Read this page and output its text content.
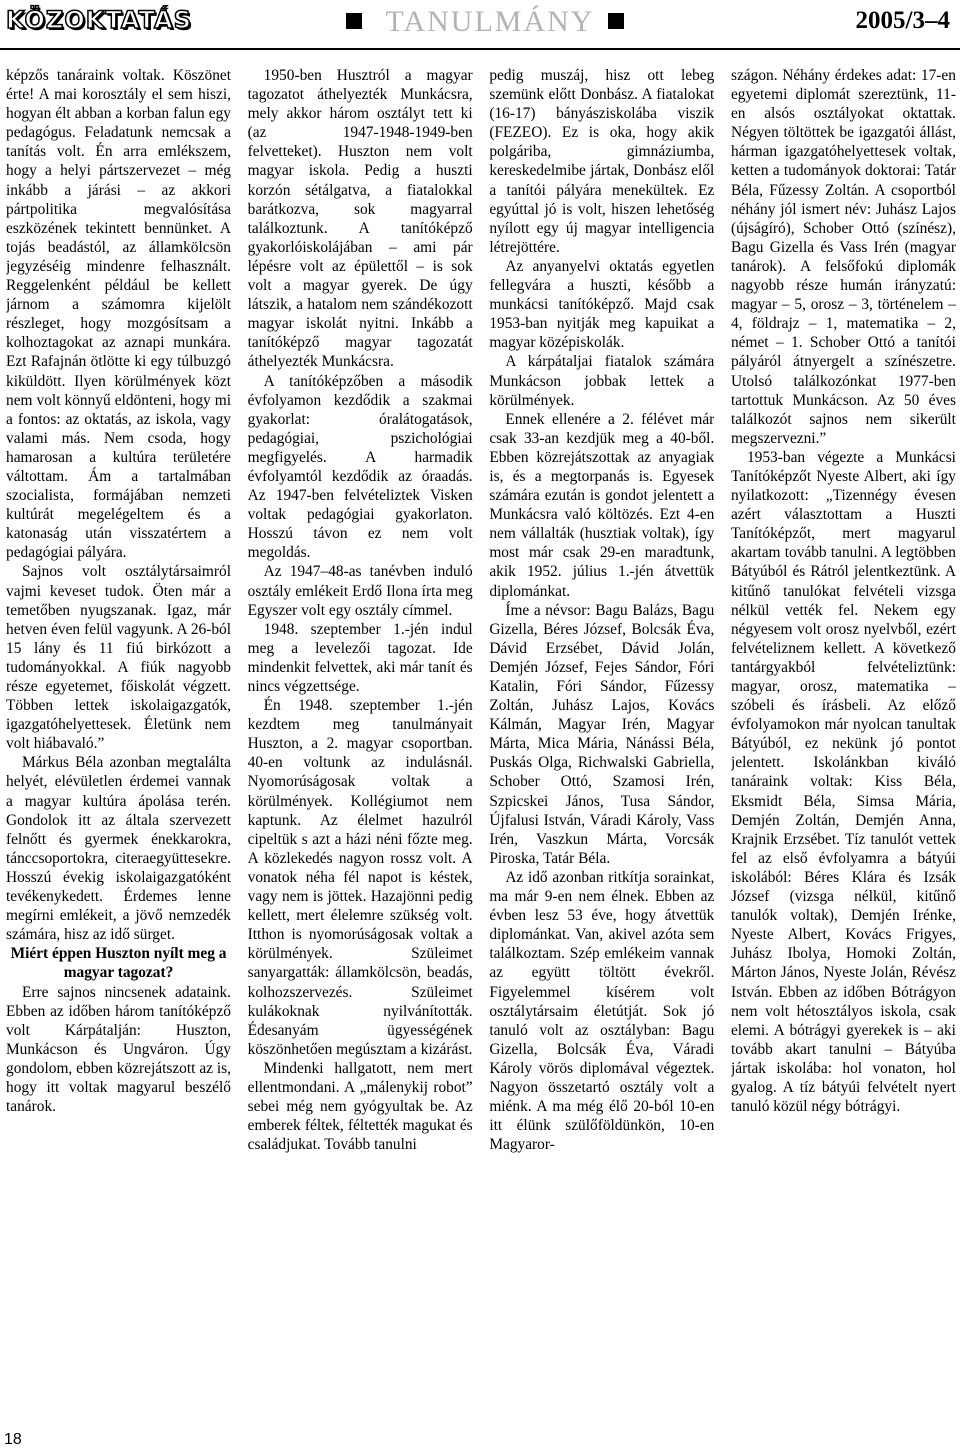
KÖZOKTATÁS	TANULMÁNY	2005/3–4

képzős tanáraink voltak. Köszönet érte! A mai korosztály el sem hiszi, hogyan élt abban a korban falun egy pedagógus. Feladatunk nemcsak a tanítás volt. Én arra emlékszem, hogy a helyi pártszervezet – még inkább a járási – az akkori pártpolitika megvalósítása eszközének tekintett bennünket. A tojás beadástól, az államkölcsön jegyzéséig mindenre felhasznált. Reggelenként például be kellett járnom a számomra kijelölt részleget, hogy mozgósítsam a kolhoztagokat az aznapi munkára. Ezt Rafajnán ötlötte ki egy túlbuzgó kiküldött. Ilyen körülmények közt nem volt könnyű eldönteni, hogy mi a fontos: az oktatás, az iskola, vagy valami más. Nem csoda, hogy hamarosan a kultúra területére váltottam. Ám a tartalmában szocialista, formájában nemzeti kultúrát megelégeltem és a katonaság után visszatértem a pedagógiai pályára.

Sajnos volt osztálytársaimról vajmi keveset tudok. Öten már a temetőben nyugszanak. Igaz, már hetven éven felül vagyunk. A 26-ból 15 lány és 11 fiú birkózott a tudományokkal. A fiúk nagyobb része egyetemet, főiskolát végzett. Többen lettek iskolaigazgatók, igazgatóhelyettesek. Életünk nem volt hiábavaló.”

Márkus Béla azonban megtalálta helyét, elévületlen érdemei vannak a magyar kultúra ápolása terén. Gondolok itt az általa szervezett felnőtt és gyermek énekkarokra, tánccsoportokra, citeraegyüttesekre. Hosszú évekig iskolaigazgatóként tevékenykedett. Érdemes lenne megírni emlékeit, a jövő nemzedék számára, hisz az idő sürget.

Miért éppen Huszton nyílt meg a magyar tagozat?

Erre sajnos nincsenek adataink. Ebben az időben három tanítóképző volt Kárpátalján: Huszton, Munkácson és Ungváron. Úgy gondolom, ebben közrejátszott az is, hogy itt voltak magyarul beszélő tanárok.

1950-ben Husztról a magyar tagozatot áthelyezték Munkácsra, mely akkor három osztályt tett ki (az 1947-1948-1949-ben felvetteket). Huszton nem volt magyar iskola. Pedig a huszti korzón sétálgatva, a fiatalokkal barátkozva, sok magyarral találkoztunk. A tanítóképző gyakorlóiskolájában – ami pár lépésre volt az épülettől – is sok volt a magyar gyerek. De úgy látszik, a hatalom nem szándékozott magyar iskolát nyitni. Inkább a tanítóképző magyar tagozatát áthelyezték Munkácsra.

A tanítóképzőben a második évfolyamon kezdődik a szakmai gyakorlat: óralátogatások, pedagógiai, pszichológiai megfigyelés. A harmadik évfolyamtól kezdődik az óraadás. Az 1947-ben felvételiztek Visken voltak pedagógiai gyakorlaton. Hosszú távon ez nem volt megoldás.

Az 1947–48-as tanévben induló osztály emlékeit Erdő Ilona írta meg Egyszer volt egy osztály címmel.

1948. szeptember 1.-jén indul meg a levelezői tagozat. Ide mindenkit felvettek, aki már tanít és nincs végzettsége.

Én 1948. szeptember 1.-jén kezdtem meg tanulmányait Huszton, a 2. magyar csoportban. 40-en voltunk az indulásnál. Nyomorúságosak voltak a körülmények. Kollégiumot nem kaptunk. Az élelmet hazulról cipeltük s azt a házi néni főzte meg. A közlekedés nagyon rossz volt. A vonatok néha fél napot is késtek, vagy nem is jöttek. Hazajönni pedig kellett, mert élelemre szükség volt. Itthon is nyomorúságosak voltak a körülmények. Szüleimet sanyargatták: államkölcsön, beadás, kolhozszervezés. Szüleimet kulákoknak nyilvánították. Édesanyám ügyességének köszönhetően megúsztam a kizárást.

Mindenki hallgatott, nem mert ellentmondani. A „málenykij robot” sebei még nem gyógyultak be. Az emberek féltek, féltették magukat és családjukat. Tovább tanulni

pedig muszáj, hisz ott lebeg szemünk előtt Donbász. A fiatalokat (16-17) bányásziskolába viszik (FEZEO). Ez is oka, hogy akik polgáriba, gimnáziumba, kereskedelmibe jártak, Donbász elől a tanítói pályára menekültek. Ez egyúttal jó is volt, hiszen lehetőség nyílott egy új magyar intelligencia létrejöttére.

Az anyanyelvi oktatás egyetlen fellegvára a huszti, később a munkácsi tanítóképző. Majd csak 1953-ban nyitják meg kapuikat a magyar középiskolák.

A kárpátaljai fiatalok számára Munkácson jobbak lettek a körülmények.

Ennek ellenére a 2. félévet már csak 33-an kezdjük meg a 40-ből. Ebben közrejátszottak az anyagiak is, és a megtorpanás is. Egyesek számára ezután is gondot jelentett a Munkácsra való költözés. Ezt 4-en nem vállalták (husztiak voltak), így most már csak 29-en maradtunk, akik 1952. július 1.-jén átvettük diplománkat.

Íme a névsor: Bagu Balázs, Bagu Gizella, Béres József, Bolcsák Éva, Dávid Erzsébet, Dávid Jolán, Demjén József, Fejes Sándor, Fóri Katalin, Fóri Sándor, Fűzessy Zoltán, Juhász Lajos, Kovács Kálmán, Magyar Irén, Magyar Márta, Mica Mária, Nánássi Béla, Puskás Olga, Richwalski Gabriella, Schober Ottó, Szamosi Irén, Szpicskei János, Tusa Sándor, Újfalusi István, Váradi Károly, Vass Irén, Vaszkun Márta, Vorcsák Piroska, Tatár Béla.

Az idő azonban ritkítja sorainkat, ma már 9-en nem élnek. Ebben az évben lesz 53 éve, hogy átvettük diplománkat. Van, akivel azóta sem találkoztam. Szép emlékeim vannak az együtt töltött évekről. Figyelemmel kísérem volt osztálytársaim életútját. Sok jó tanuló volt az osztályban: Bagu Gizella, Bolcsák Éva, Váradi Károly vörös diplomával végeztek. Nagyon összetartó osztály volt a miénk. A ma még élő 20-ból 10-en itt élünk szülőföldünkön, 10-en Magyaror-

szágon. Néhány érdekes adat: 17-en egyetemi diplomát szereztünk, 11-en alsós osztályokat oktattak. Négyen töltöttek be igazgatói állást, hárman igazgatóhelyettesek voltak, ketten a tudományok doktorai: Tatár Béla, Fűzessy Zoltán. A csoportból néhány jól ismert név: Juhász Lajos (újságíró), Schober Ottó (színész), Bagu Gizella és Vass Irén (magyar tanárok). A felsőfokú diplomák nagyobb része humán irányzatú: magyar – 5, orosz – 3, történelem – 4, földrajz – 1, matematika – 2, német – 1. Schober Ottó a tanítói pályáról átnyergelt a színészetre. Utolsó találkozónkat 1977-ben tartottuk Munkácson. Az 50 éves találkozót sajnos nem sikerült megszervezni.”

1953-ban végezte a Munkácsi Tanítóképzőt Nyeste Albert, aki így nyilatkozott: „Tizennégy évesen azért választottam a Huszti Tanítóképzőt, mert magyarul akartam tovább tanulni. A legtöbben Bátyúból és Rátról jelentkeztünk. A kitűnő tanulókat felvételi vizsga nélkül vették fel. Nekem egy négyesem volt orosz nyelvből, ezért felvételiznem kellett. A következő tantárgyakból felvételiztünk: magyar, orosz, matematika – szóbeli és írásbeli. Az előző évfolyamokon már nyolcan tanultak Bátyúból, ez nekünk jó pontot jelentett. Iskolánkban kiváló tanáraink voltak: Kiss Béla, Eksmidt Béla, Simsa Mária, Demjén Zoltán, Demjén Anna, Krajnik Erzsébet. Tíz tanulót vettek fel az első évfolyamra a bátyúi iskolából: Béres Klára és Izsák József (vizsga nélkül, kitűnő tanulók voltak), Demjén Irénke, Nyeste Albert, Kovács Frigyes, Juhász Ibolya, Homoki Zoltán, Márton János, Nyeste Jolán, Révész István. Ebben az időben Bótrágyon nem volt hétosztályos iskola, csak elemi. A bótrágyi gyerekek is – aki tovább akart tanulni – Bátyúba jártak iskolába: hol vonaton, hol gyalog. A tíz bátyúi felvételt nyert tanuló közül négy bótrágyi.

18
